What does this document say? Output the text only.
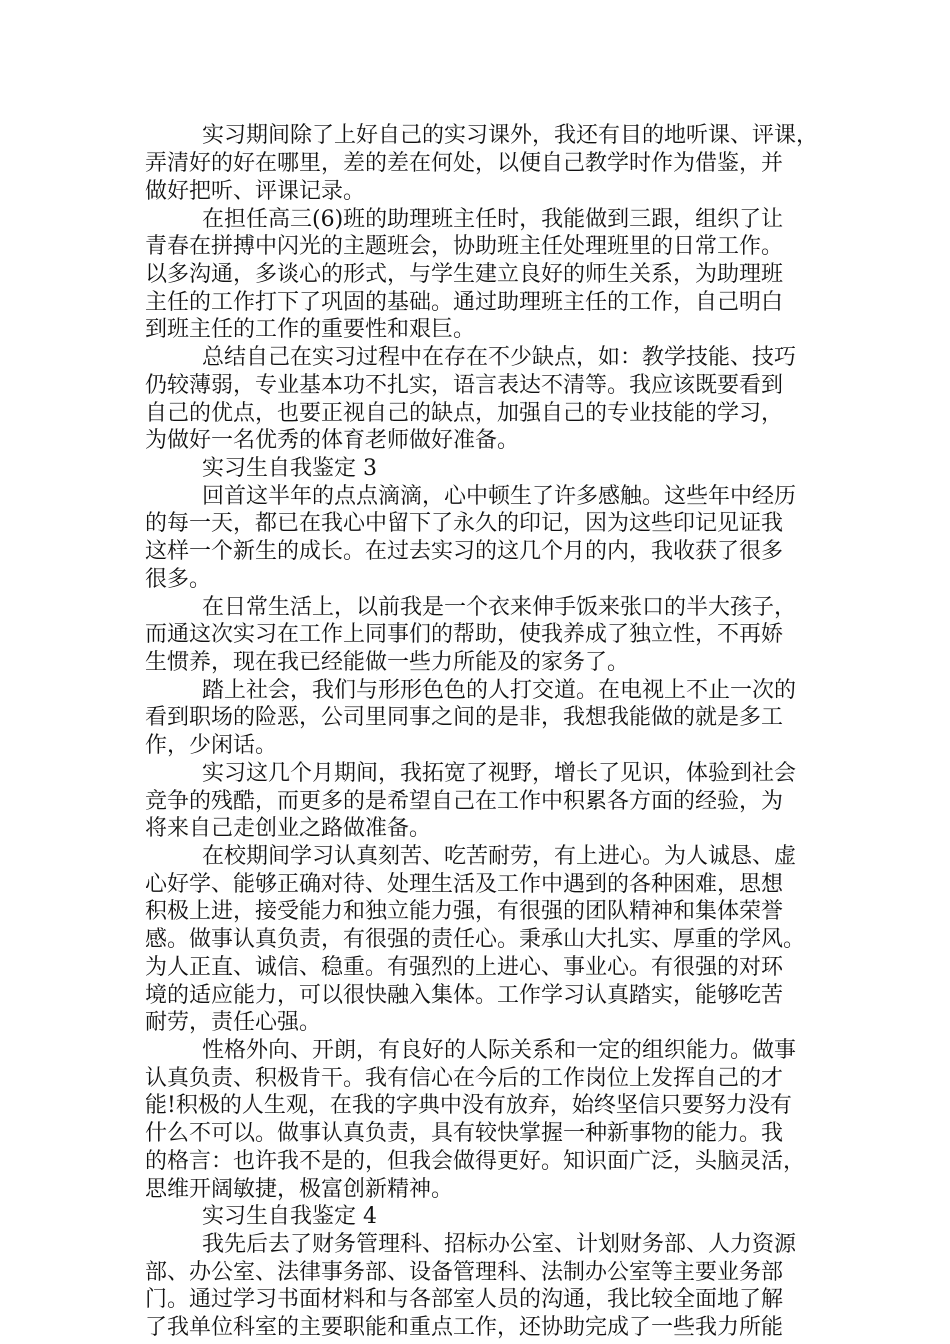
实习期间除了上好自己的实习课外，我还有目的地听课、评课，

弄清好的好在哪里，差的差在何处，以便自己教学时作为借鉴，并

做好把听、评课记录。

在担任高三(6)班的助理班主任时，我能做到三跟，组织了让

青春在拼搏中闪光的主题班会，协助班主任处理班里的日常工作。

以多沟通，多谈心的形式，与学生建立良好的师生关系，为助理班

主任的工作打下了巩固的基础。通过助理班主任的工作，自己明白

到班主任的工作的重要性和艰巨。

总结自己在实习过程中在存在不少缺点，如：教学技能、技巧

仍较薄弱，专业基本功不扎实，语言表达不清等。我应该既要看到

自己的优点，也要正视自己的缺点，加强自己的专业技能的学习，

为做好一名优秀的体育老师做好准备。

实习生自我鉴定 3

回首这半年的点点滴滴，心中顿生了许多感触。这些年中经历

的每一天，都已在我心中留下了永久的印记，因为这些印记见证我

这样一个新生的成长。在过去实习的这几个月的内，我收获了很多

很多。

在日常生活上，以前我是一个衣来伸手饭来张口的半大孩子，

而通这次实习在工作上同事们的帮助，使我养成了独立性，不再娇

生惯养，现在我已经能做一些力所能及的家务了。

踏上社会，我们与形形色色的人打交道。在电视上不止一次的

看到职场的险恶，公司里同事之间的是非，我想我能做的就是多工

作，少闲话。

实习这几个月期间，我拓宽了视野，增长了见识，体验到社会

竞争的残酷，而更多的是希望自己在工作中积累各方面的经验，为

将来自己走创业之路做准备。

在校期间学习认真刻苦、吃苦耐劳，有上进心。为人诚恳、虚

心好学、能够正确对待、处理生活及工作中遇到的各种困难，思想

积极上进，接受能力和独立能力强，有很强的团队精神和集体荣誉

感。做事认真负责，有很强的责任心。秉承山大扎实、厚重的学风。

为人正直、诚信、稳重。有强烈的上进心、事业心。有很强的对环

境的适应能力，可以很快融入集体。工作学习认真踏实，能够吃苦

耐劳，责任心强。

性格外向、开朗，有良好的人际关系和一定的组织能力。做事

认真负责、积极肯干。我有信心在今后的工作岗位上发挥自己的才

能!积极的人生观，在我的字典中没有放弃，始终坚信只要努力没有

什么不可以。做事认真负责，具有较快掌握一种新事物的能力。我

的格言：也许我不是的，但我会做得更好。知识面广泛，头脑灵活，

思维开阔敏捷，极富创新精神。

实习生自我鉴定 4

我先后去了财务管理科、招标办公室、计划财务部、人力资源

部、办公室、法律事务部、设备管理科、法制办公室等主要业务部

门。通过学习书面材料和与各部室人员的沟通，我比较全面地了解

了我单位科室的主要职能和重点工作，还协助完成了一些我力所能
